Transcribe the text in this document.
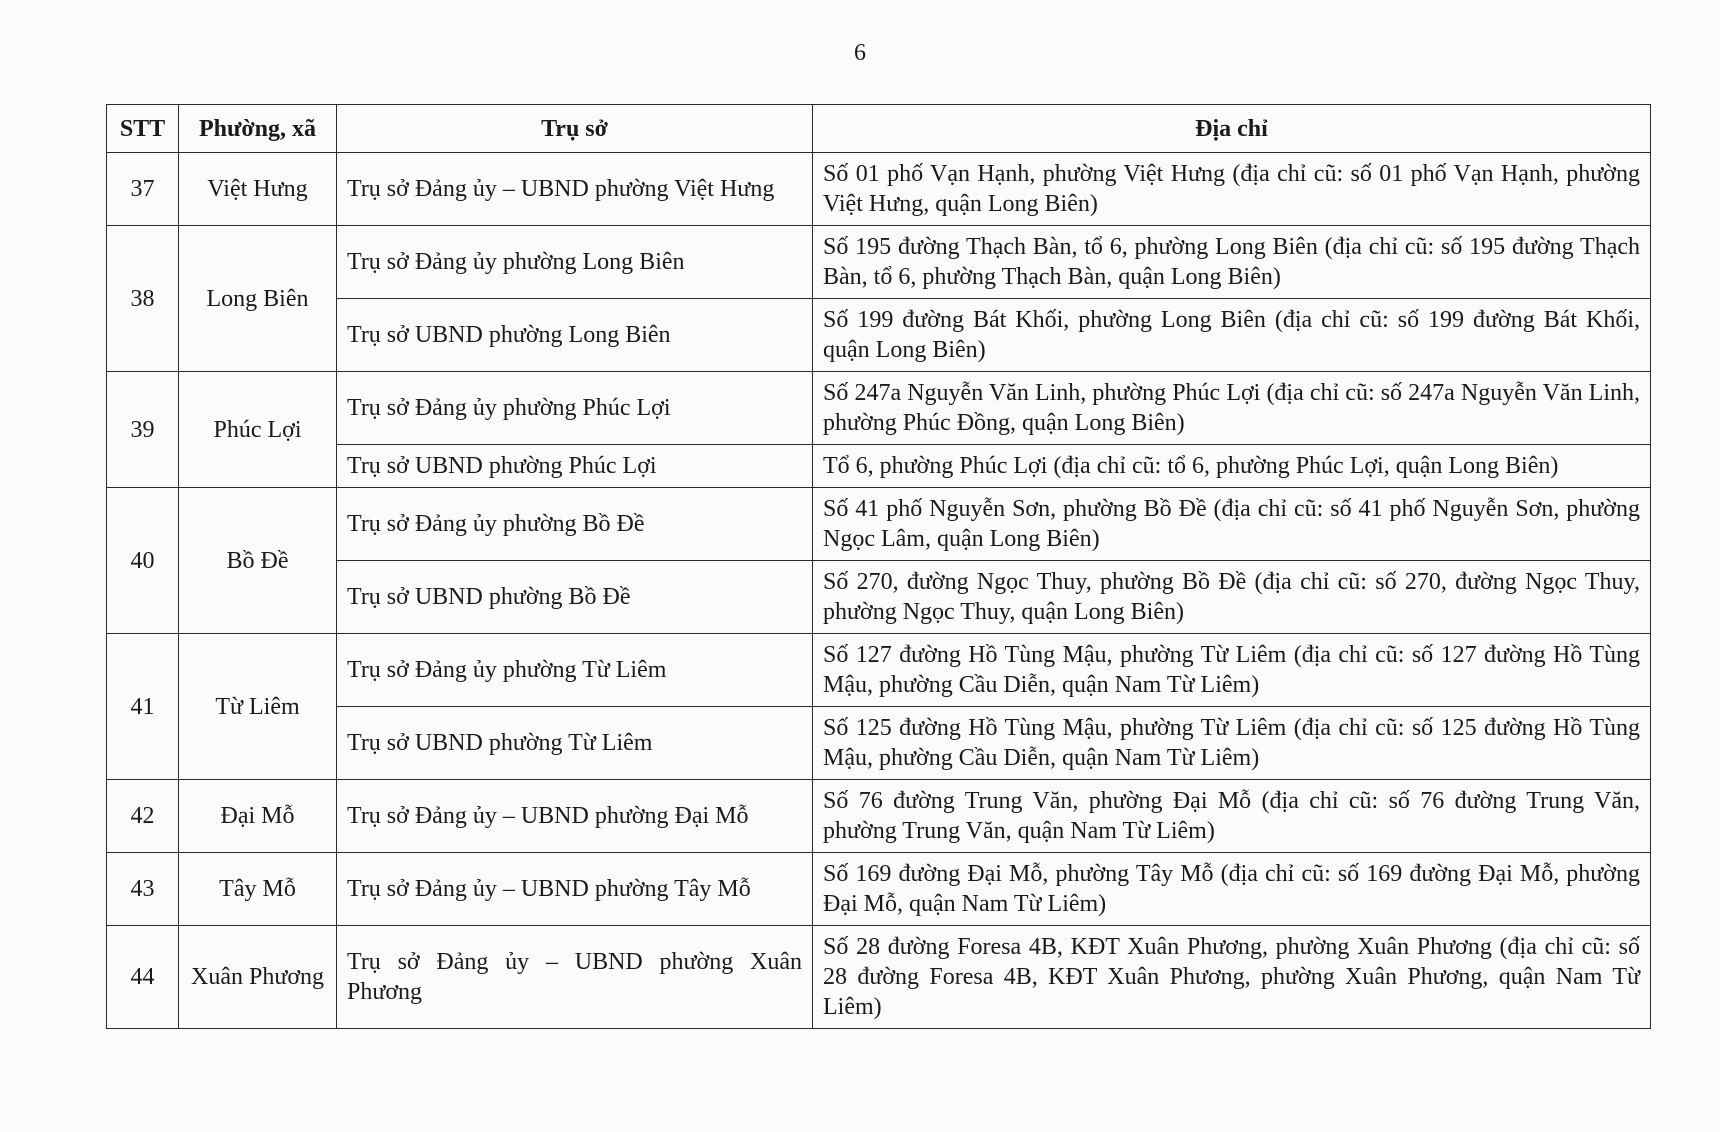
6
STT	Phường, xã	Trụ sở	Địa chỉ
37	Việt Hưng	Trụ sở Đảng ủy – UBND phường Việt Hưng	Số 01 phố Vạn Hạnh, phường Việt Hưng (địa chỉ cũ: số 01 phố Vạn Hạnh, phường Việt Hưng, quận Long Biên)
38	Long Biên	Trụ sở Đảng ủy phường Long Biên	Số 195 đường Thạch Bàn, tổ 6, phường Long Biên (địa chỉ cũ: số 195 đường Thạch Bàn, tổ 6, phường Thạch Bàn, quận Long Biên)
		Trụ sở UBND phường Long Biên	Số 199 đường Bát Khối, phường Long Biên (địa chỉ cũ: số 199 đường Bát Khối, quận Long Biên)
39	Phúc Lợi	Trụ sở Đảng ủy phường Phúc Lợi	Số 247a Nguyễn Văn Linh, phường Phúc Lợi (địa chỉ cũ: số 247a Nguyễn Văn Linh, phường Phúc Đồng, quận Long Biên)
		Trụ sở UBND phường Phúc Lợi	Tổ 6, phường Phúc Lợi (địa chỉ cũ: tổ 6, phường Phúc Lợi, quận Long Biên)
40	Bồ Đề	Trụ sở Đảng ủy phường Bồ Đề	Số 41 phố Nguyễn Sơn, phường Bồ Đề (địa chỉ cũ: số 41 phố Nguyễn Sơn, phường Ngọc Lâm, quận Long Biên)
		Trụ sở UBND phường Bồ Đề	Số 270, đường Ngọc Thuy, phường Bồ Đề (địa chỉ cũ: số 270, đường Ngọc Thuy, phường Ngọc Thuy, quận Long Biên)
41	Từ Liêm	Trụ sở Đảng ủy phường Từ Liêm	Số 127 đường Hồ Tùng Mậu, phường Từ Liêm (địa chỉ cũ: số 127 đường Hồ Tùng Mậu, phường Cầu Diễn, quận Nam Từ Liêm)
		Trụ sở UBND phường Từ Liêm	Số 125 đường Hồ Tùng Mậu, phường Từ Liêm (địa chỉ cũ: số 125 đường Hồ Tùng Mậu, phường Cầu Diễn, quận Nam Từ Liêm)
42	Đại Mỗ	Trụ sở Đảng ủy – UBND phường Đại Mỗ	Số 76 đường Trung Văn, phường Đại Mỗ (địa chỉ cũ: số 76 đường Trung Văn, phường Trung Văn, quận Nam Từ Liêm)
43	Tây Mỗ	Trụ sở Đảng ủy – UBND phường Tây Mỗ	Số 169 đường Đại Mỗ, phường Tây Mỗ (địa chỉ cũ: số 169 đường Đại Mỗ, phường Đại Mỗ, quận Nam Từ Liêm)
44	Xuân Phương	Trụ sở Đảng ủy – UBND phường Xuân Phương	Số 28 đường Foresa 4B, KĐT Xuân Phương, phường Xuân Phương (địa chỉ cũ: số 28 đường Foresa 4B, KĐT Xuân Phương, phường Xuân Phương, quận Nam Từ Liêm)
